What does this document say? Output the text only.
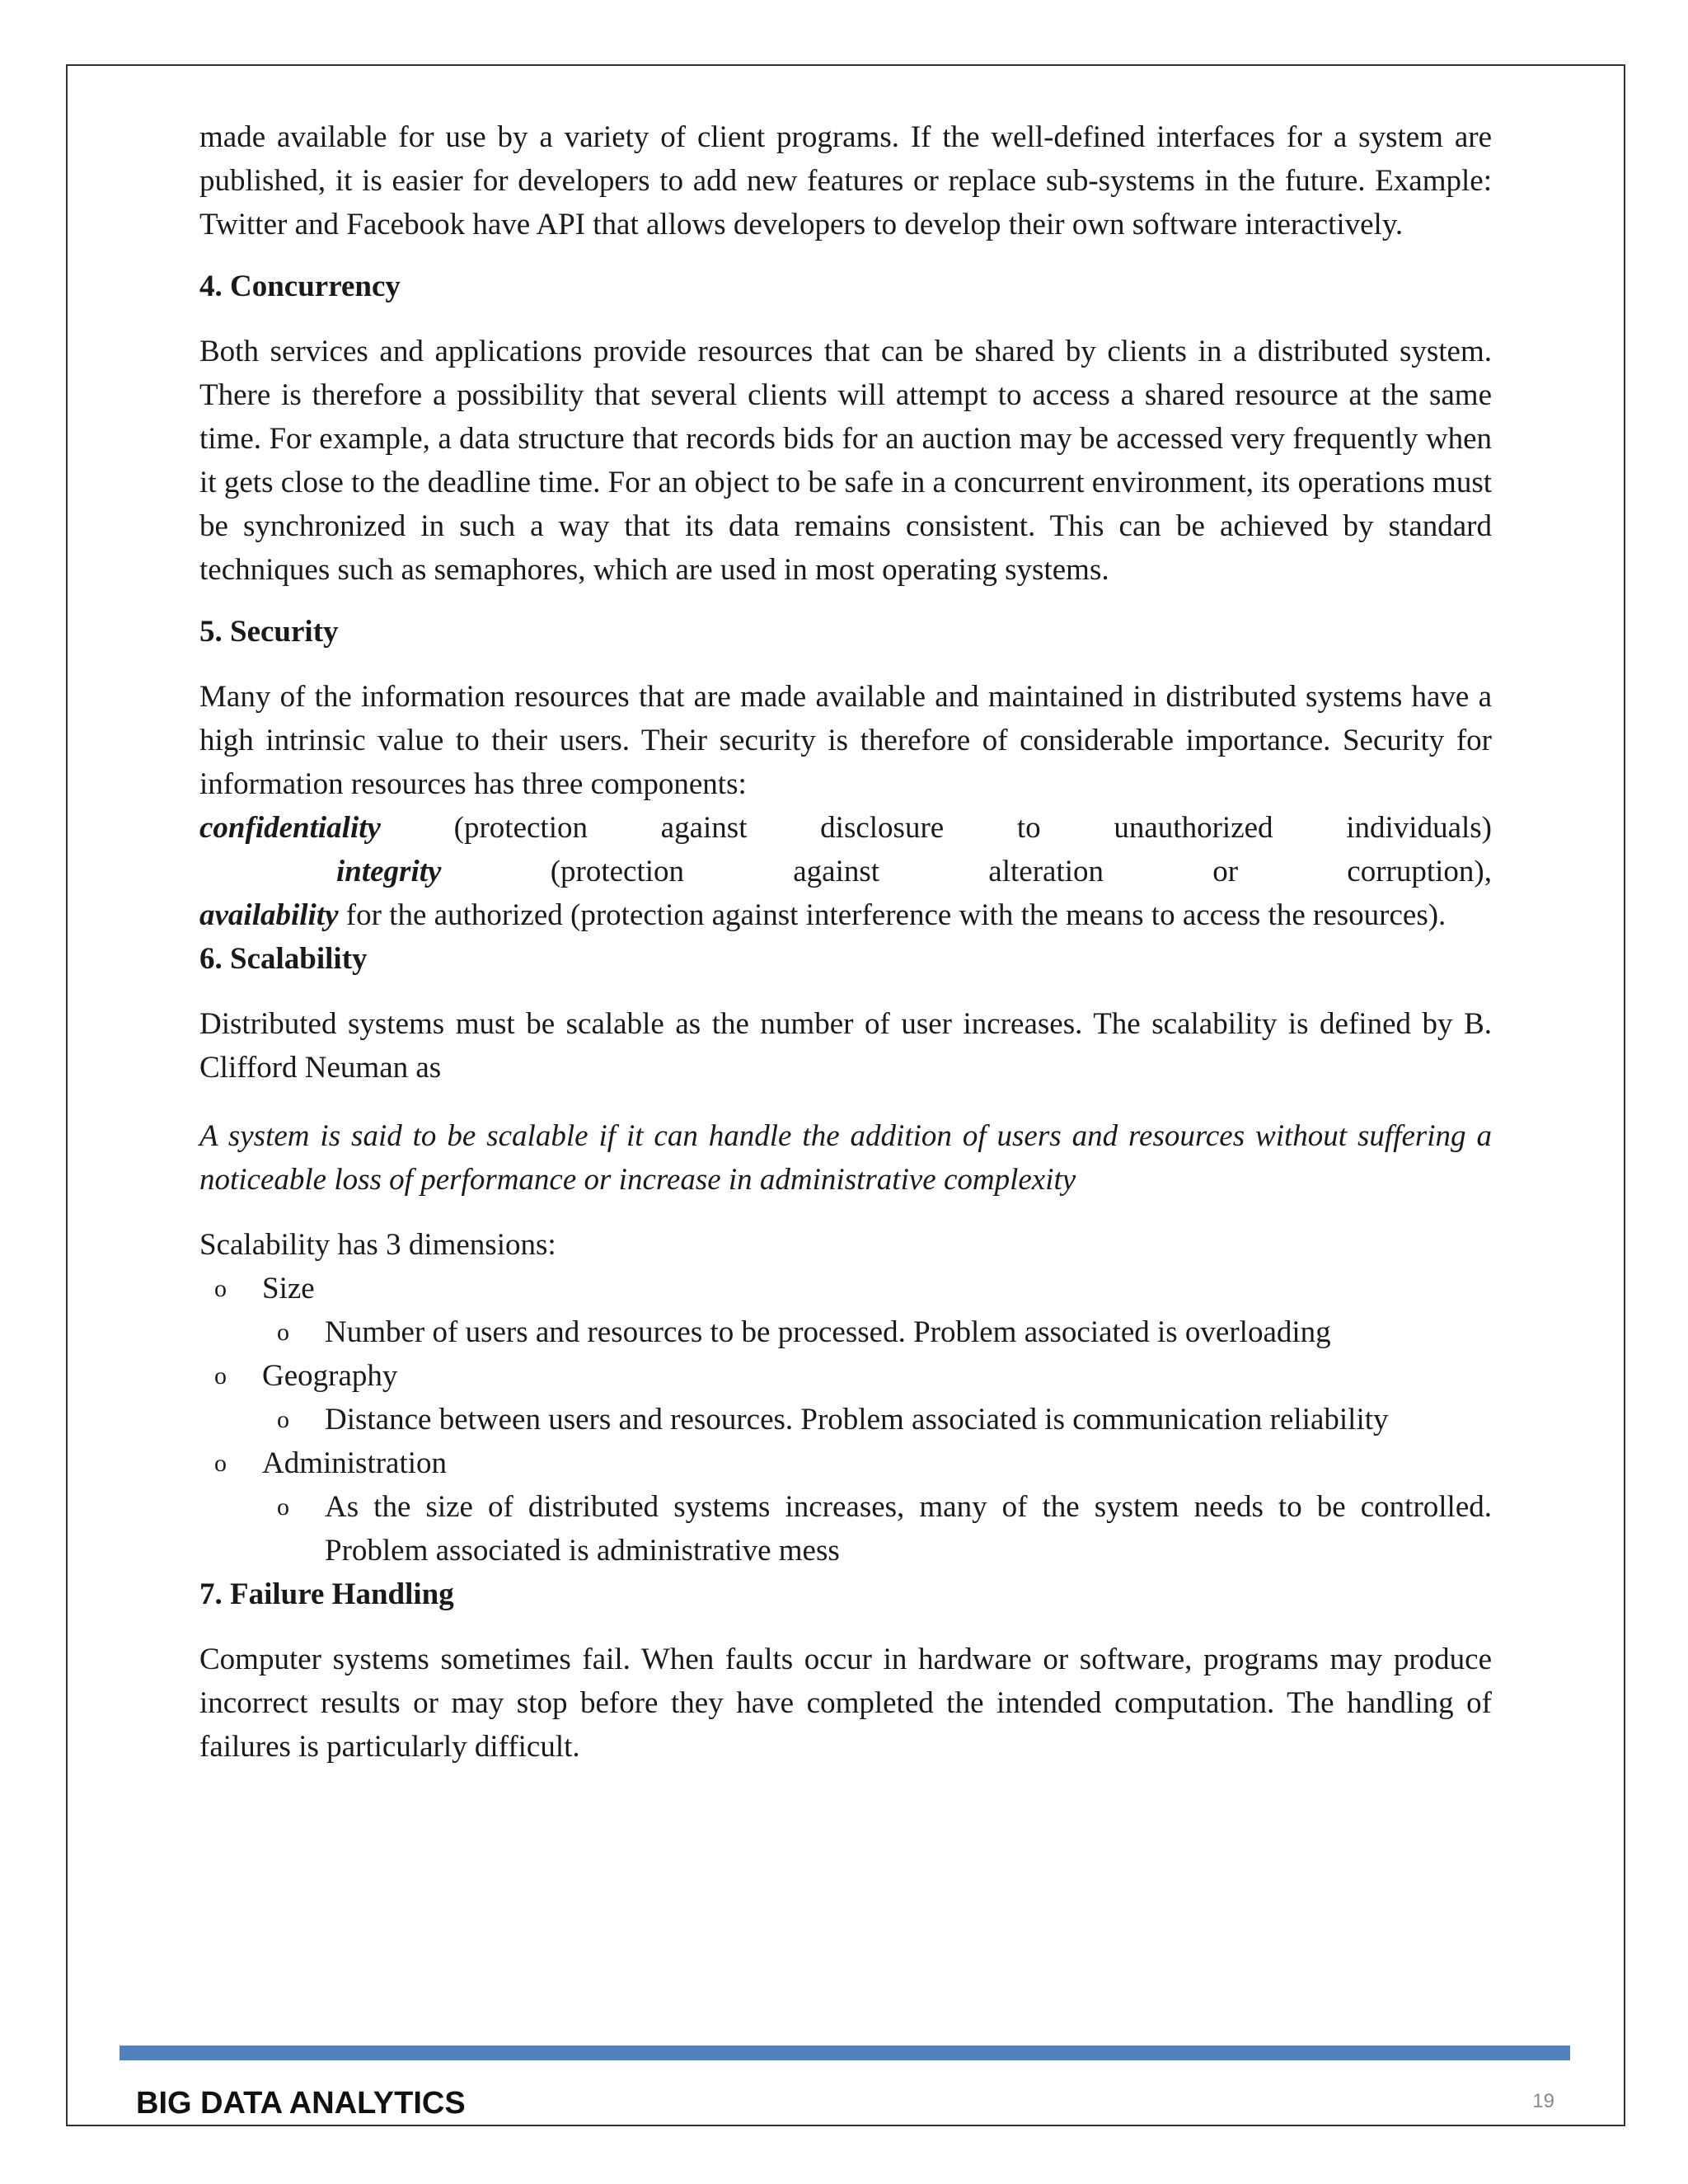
made available for use by a variety of client programs. If the well-defined interfaces for a system are published, it is easier for developers to add new features or replace sub-systems in the future. Example: Twitter and Facebook have API that allows developers to develop their own software interactively.

4. Concurrency

Both services and applications provide resources that can be shared by clients in a distributed system. There is therefore a possibility that several clients will attempt to access a shared resource at the same time. For example, a data structure that records bids for an auction may be accessed very frequently when it gets close to the deadline time. For an object to be safe in a concurrent environment, its operations must be synchronized in such a way that its data remains consistent. This can be achieved by standard techniques such as semaphores, which are used in most operating systems.

5. Security

Many of the information resources that are made available and maintained in distributed systems have a high intrinsic value to their users. Their security is therefore of considerable importance. Security for information resources has three components:

confidentiality (protection against disclosure to unauthorized individuals)

integrity (protection against alteration or corruption),

availability for the authorized (protection against interference with the means to access the resources).

6. Scalability

Distributed systems must be scalable as the number of user increases. The scalability is defined by B. Clifford Neuman as

A system is said to be scalable if it can handle the addition of users and resources without suffering a noticeable loss of performance or increase in administrative complexity

Scalability has 3 dimensions:

o Size
o Number of users and resources to be processed. Problem associated is overloading
o Geography
o Distance between users and resources. Problem associated is communication reliability
o Administration
o As the size of distributed systems increases, many of the system needs to be controlled. Problem associated is administrative mess

7. Failure Handling

Computer systems sometimes fail. When faults occur in hardware or software, programs may produce incorrect results or may stop before they have completed the intended computation. The handling of failures is particularly difficult.

BIG DATA ANALYTICS	19
